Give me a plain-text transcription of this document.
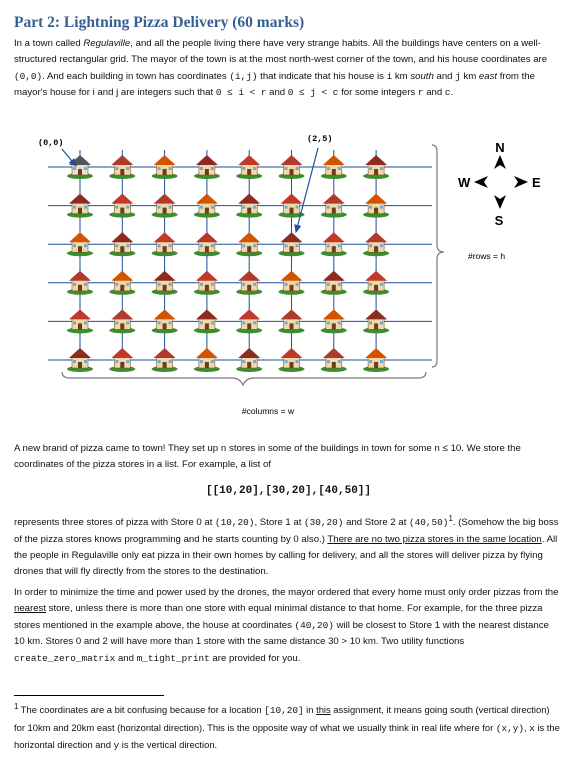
Part 2: Lightning Pizza Delivery (60 marks)

In a town called Regulaville, and all the people living there have very strange habits. All the buildings have centers on a well-structured rectangular grid. The mayor of the town is at the most north-west corner of the town, and his house coordinates are (0,0). And each building in town has coordinates (i,j) that indicate that his house is i km south and j km east from the mayor's house for i and j are integers such that 0 ≤ i < r and 0 ≤ j < c for some integers r and c.

(0,0)	(2,5)
#rows = h
#columns = w
N
S
W	E

A new brand of pizza came to town! They set up n stores in some of the buildings in town for some n ≤ 10. We store the coordinates of the pizza stores in a list. For example, a list of

[[10,20],[30,20],[40,50]]

represents three stores of pizza with Store 0 at (10,20), Store 1 at (30,20) and Store 2 at $(40,50)^1$. (Somehow the big boss of the pizza stores knows programming and he starts counting by 0 also.) There are no two pizza stores in the same location. All the people in Regulaville only eat pizza in their own homes by calling for delivery, and all the stores will deliver pizza by flying drones that will fly directly from the stores to the destination.

In order to minimize the time and power used by the drones, the mayor ordered that every home must only order pizzas from the nearest store, unless there is more than one store with equal minimal distance to that home. For example, for the three pizza stores mentioned in the example above, the house at coordinates (40,20) will be closest to Store 1 with the nearest distance 10 km. Stores 0 and 2 will have more than 1 store with the same distance 30 > 10 km. Two utility functions create_zero_matrix and m_tight_print are provided for you.

$^1$ The coordinates are a bit confusing because for a location [10,20] in this assignment, it means going south (vertical direction) for 10km and 20km east (horizontal direction). This is the opposite way of what we usually think in real life where for (x,y), x is the horizontal direction and y is the vertical direction.
